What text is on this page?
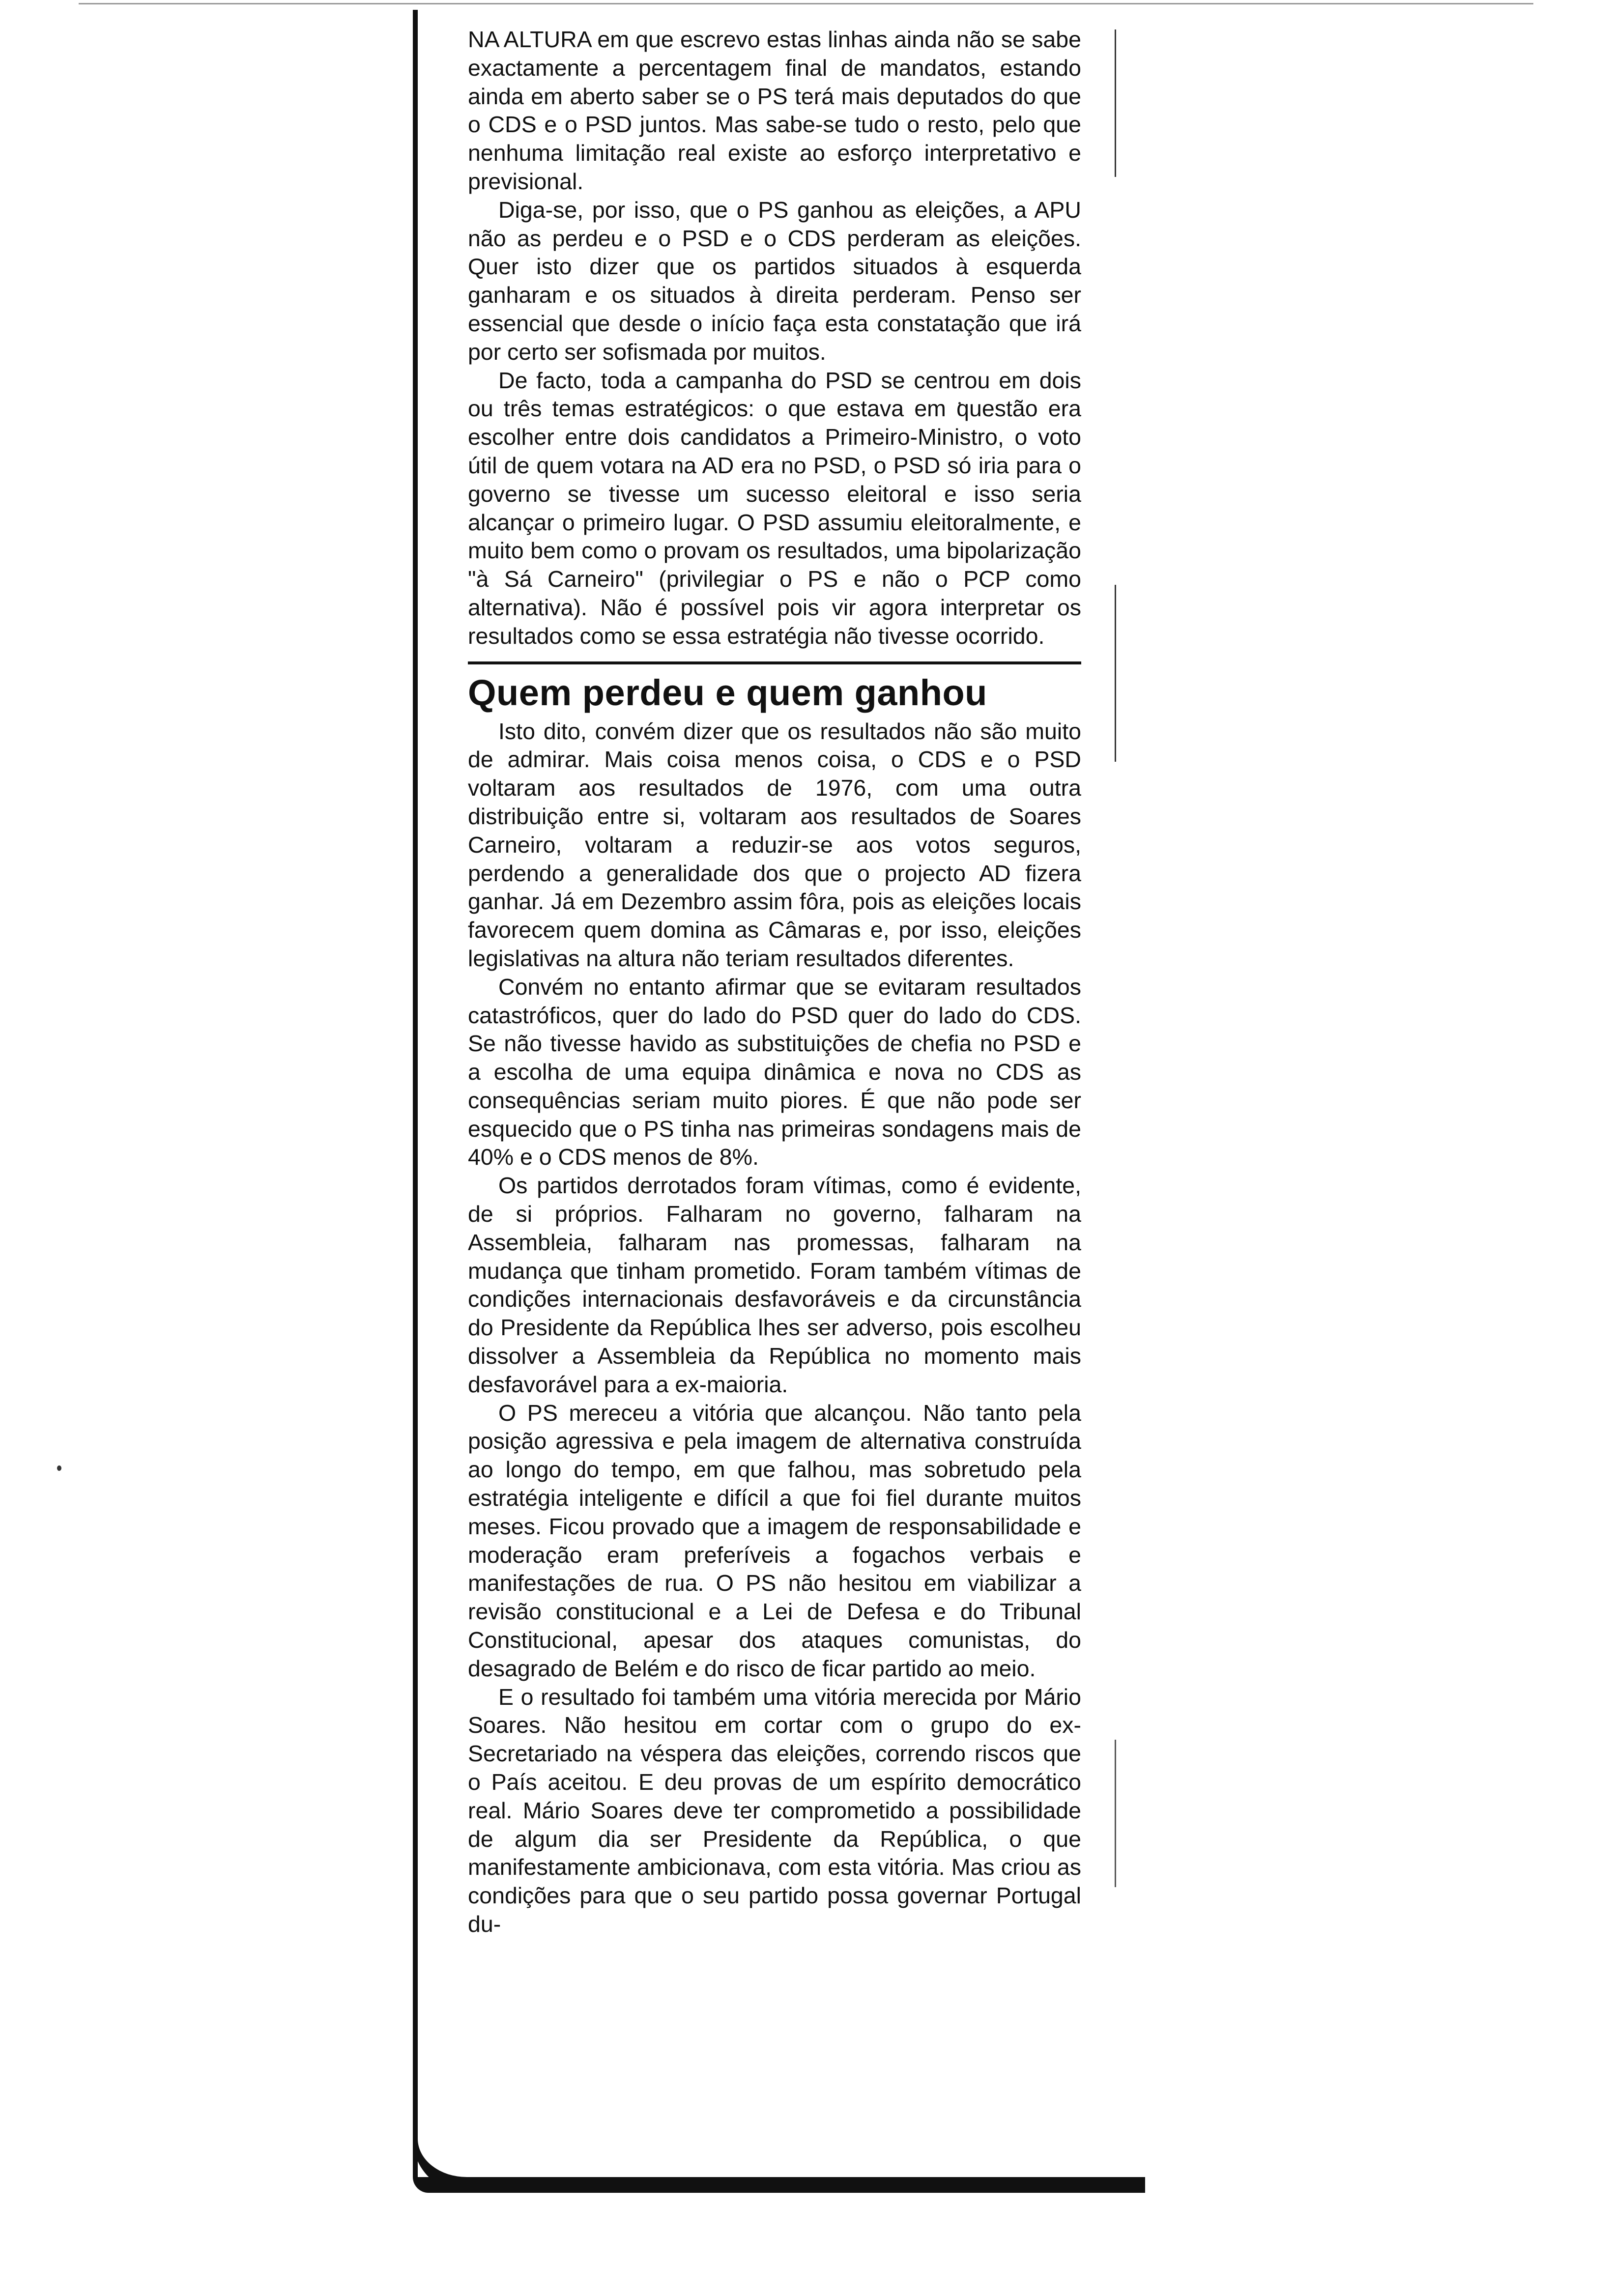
NA ALTURA em que escrevo estas linhas ainda não se sabe exactamente a percentagem final de mandatos, estando ainda em aberto saber se o PS terá mais deputados do que o CDS e o PSD juntos. Mas sabe-se tudo o resto, pelo que nenhuma limitação real existe ao esforço interpretativo e previsional.

Diga-se, por isso, que o PS ganhou as eleições, a APU não as perdeu e o PSD e o CDS perderam as eleições. Quer isto dizer que os partidos situados à esquerda ganharam e os situados à direita perderam. Penso ser essencial que desde o início faça esta constatação que irá por certo ser sofismada por muitos.

De facto, toda a campanha do PSD se centrou em dois ou três temas estratégicos: o que estava em questão era escolher entre dois candidatos a Primeiro-Ministro, o voto útil de quem votara na AD era no PSD, o PSD só iria para o governo se tivesse um sucesso eleitoral e isso seria alcançar o primeiro lugar. O PSD assumiu eleitoralmente, e muito bem como o provam os resultados, uma bipolarização "à Sá Carneiro" (privilegiar o PS e não o PCP como alternativa). Não é possível pois vir agora interpretar os resultados como se essa estratégia não tivesse ocorrido.

Quem perdeu e quem ganhou

Isto dito, convém dizer que os resultados não são muito de admirar. Mais coisa menos coisa, o CDS e o PSD voltaram aos resultados de 1976, com uma outra distribuição entre si, voltaram aos resultados de Soares Carneiro, voltaram a reduzir-se aos votos seguros, perdendo a generalidade dos que o projecto AD fizera ganhar. Já em Dezembro assim fôra, pois as eleições locais favorecem quem domina as Câmaras e, por isso, eleições legislativas na altura não teriam resultados diferentes.

Convém no entanto afirmar que se evitaram resultados catastróficos, quer do lado do PSD quer do lado do CDS. Se não tivesse havido as substituições de chefia no PSD e a escolha de uma equipa dinâmica e nova no CDS as consequências seriam muito piores. É que não pode ser esquecido que o PS tinha nas primeiras sondagens mais de 40% e o CDS menos de 8%.

Os partidos derrotados foram vítimas, como é evidente, de si próprios. Falharam no governo, falharam na Assembleia, falharam nas promessas, falharam na mudança que tinham prometido. Foram também vítimas de condições internacionais desfavoráveis e da circunstância do Presidente da República lhes ser adverso, pois escolheu dissolver a Assembleia da República no momento mais desfavorável para a ex-maioria.

O PS mereceu a vitória que alcançou. Não tanto pela posição agressiva e pela imagem de alternativa construída ao longo do tempo, em que falhou, mas sobretudo pela estratégia inteligente e difícil a que foi fiel durante muitos meses. Ficou provado que a imagem de responsabilidade e moderação eram preferíveis a fogachos verbais e manifestações de rua. O PS não hesitou em viabilizar a revisão constitucional e a Lei de Defesa e do Tribunal Constitucional, apesar dos ataques comunistas, do desagrado de Belém e do risco de ficar partido ao meio.

E o resultado foi também uma vitória merecida por Mário Soares. Não hesitou em cortar com o grupo do ex-Secretariado na véspera das eleições, correndo riscos que o País aceitou. E deu provas de um espírito democrático real. Mário Soares deve ter comprometido a possibilidade de algum dia ser Presidente da República, o que manifestamente ambicionava, com esta vitória. Mas criou as condições para que o seu partido possa governar Portugal du-
